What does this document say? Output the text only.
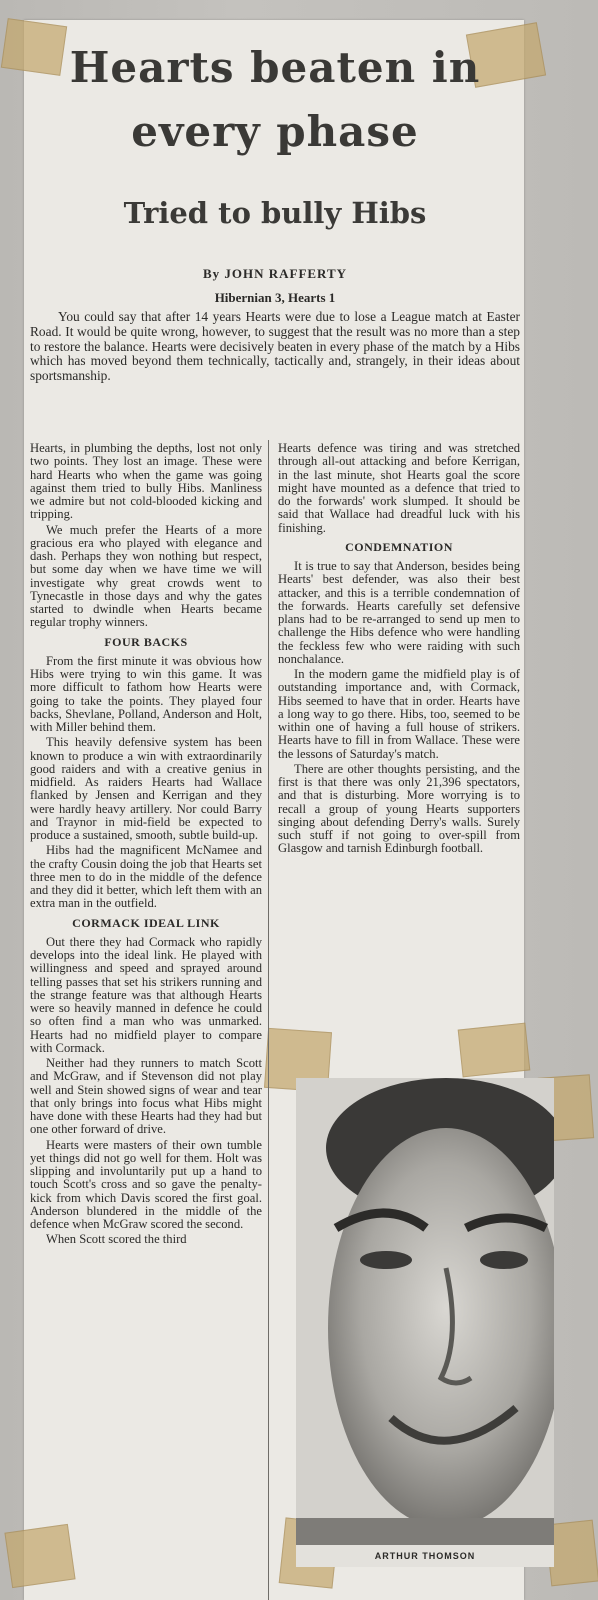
Hearts beaten in
every phase
Tried to bully Hibs
By JOHN RAFFERTY
Hibernian 3, Hearts 1

You could say that after 14 years Hearts were due to lose a League match at Easter Road. It would be quite wrong, however, to suggest that the result was no more than a step to restore the balance. Hearts were decisively beaten in every phase of the match by a Hibs which has moved beyond them technically, tactically and, strangely, in their ideas about sportsmanship.

Hearts, in plumbing the depths, lost not only two points. They lost an image. These were hard Hearts who when the game was going against them tried to bully Hibs. Manliness we admire but not cold-blooded kicking and tripping.

We much prefer the Hearts of a more gracious era who played with elegance and dash. Perhaps they won nothing but respect, but some day when we have time we will investigate why great crowds went to Tynecastle in those days and why the gates started to dwindle when Hearts became regular trophy winners.

FOUR BACKS

From the first minute it was obvious how Hibs were trying to win this game. It was more difficult to fathom how Hearts were going to take the points. They played four backs, Shevlane, Polland, Anderson and Holt, with Miller behind them.

This heavily defensive system has been known to produce a win with extraordinarily good raiders and with a creative genius in midfield. As raiders Hearts had Wallace flanked by Jensen and Kerrigan and they were hardly heavy artillery. Nor could Barry and Traynor in mid-field be expected to produce a sustained, smooth, subtle build-up.

Hibs had the magnificent McNamee and the crafty Cousin doing the job that Hearts set three men to do in the middle of the defence and they did it better, which left them with an extra man in the outfield.

CORMACK IDEAL LINK

Out there they had Cormack who rapidly develops into the ideal link. He played with willingness and speed and sprayed around telling passes that set his strikers running and the strange feature was that although Hearts were so heavily manned in defence he could so often find a man who was unmarked. Hearts had no midfield player to compare with Cormack.

Neither had they runners to match Scott and McGraw, and if Stevenson did not play well and Stein showed signs of wear and tear that only brings into focus what Hibs might have done with these Hearts had they had but one other forward of drive.

Hearts were masters of their own tumble yet things did not go well for them. Holt was slipping and involuntarily put up a hand to touch Scott's cross and so gave the penalty-kick from which Davis scored the first goal. Anderson blundered in the middle of the defence when McGraw scored the second.

When Scott scored the third

Hearts defence was tiring and was stretched through all-out attacking and before Kerrigan, in the last minute, shot Hearts goal the score might have mounted as a defence that tried to do the forwards' work slumped. It should be said that Wallace had dreadful luck with his finishing.

CONDEMNATION

It is true to say that Anderson, besides being Hearts' best defender, was also their best attacker, and this is a terrible condemnation of the forwards. Hearts carefully set defensive plans had to be re-arranged to send up men to challenge the Hibs defence who were handling the feckless few who were raiding with such nonchalance.

In the modern game the midfield play is of outstanding importance and, with Cormack, Hibs seemed to have that in order. Hearts have a long way to go there. Hibs, too, seemed to be within one of having a full house of strikers. Hearts have to fill in from Wallace. These were the lessons of Saturday's match.

There are other thoughts persisting, and the first is that there was only 21,396 spectators, and that is disturbing. More worrying is to recall a group of young Hearts supporters singing about defending Derry's walls. Surely such stuff if not going to over-spill from Glasgow and tarnish Edinburgh football.

ARTHUR THOMSON
